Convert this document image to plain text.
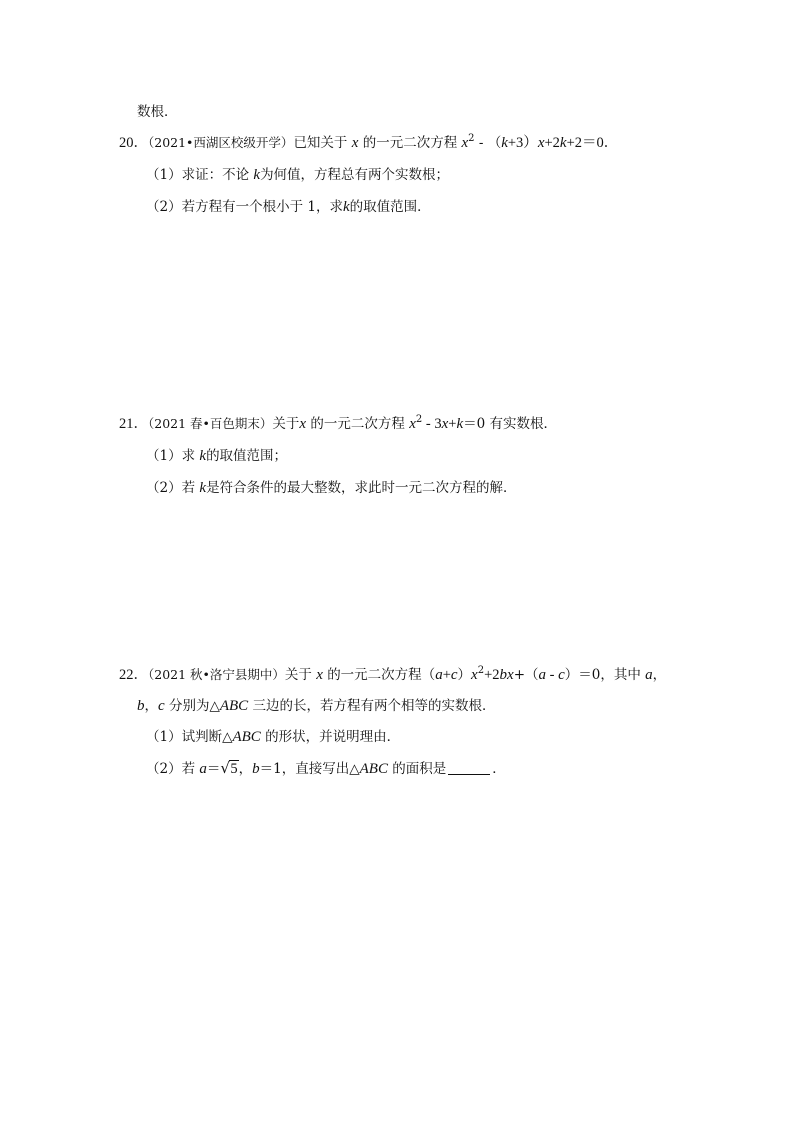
数根．
20．（2021•西湖区校级开学）已知关于 x 的一元二次方程 $x^2 - (k+3)x+2k+2=0$．
（1）求证：不论 k为何值，方程总有两个实数根；
（2）若方程有一个根小于 1，求k的取值范围．
21．（2021 春•百色期末）关于x 的一元二次方程 $x^2 - 3x+k=0$ 有实数根．
（1）求 k的取值范围；
（2）若 k是符合条件的最大整数，求此时一元二次方程的解．
22．（2021 秋•洛宁县期中）关于 x 的一元二次方程$(a+c)x^2+2bx+(a - c)=0$，其中 a，
b，c 分别为△ABC 三边的长，若方程有两个相等的实数根．
（1）试判断△ABC 的形状，并说明理由．
（2）若 a＝ √ 5，b＝1，直接写出△ABC 的面积是	．
